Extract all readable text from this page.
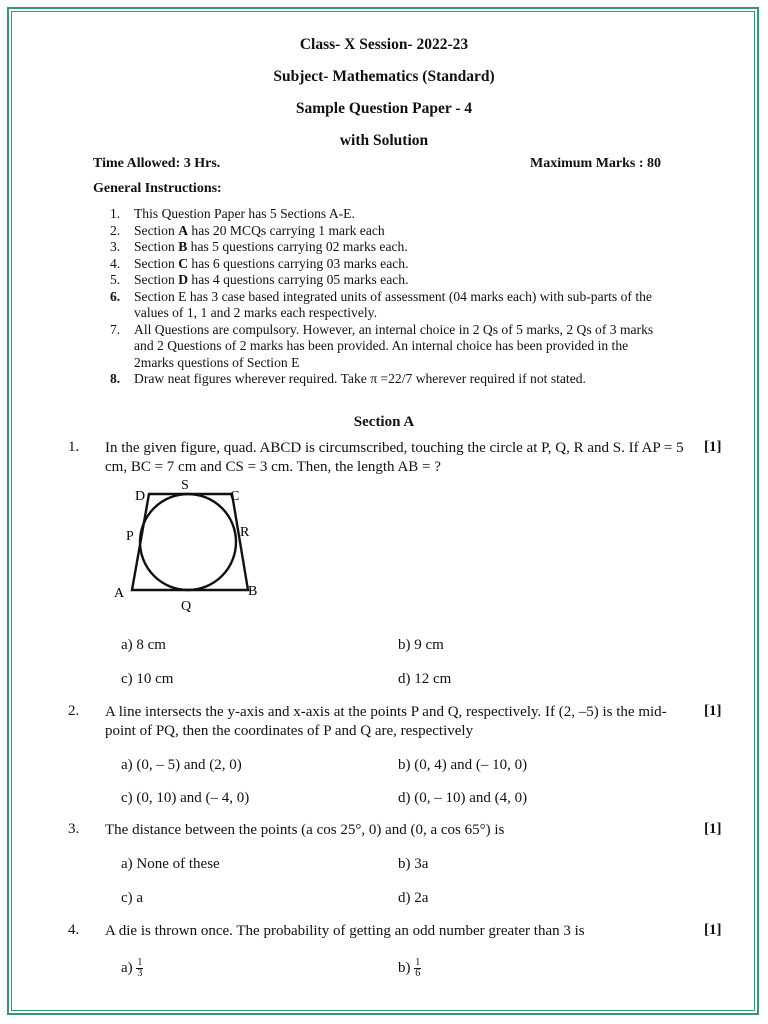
Class- X Session- 2022-23
Subject- Mathematics (Standard)
Sample Question Paper - 4
with Solution
Time Allowed: 3 Hrs.	Maximum Marks : 80
General Instructions:
1. This Question Paper has 5 Sections A-E.
2. Section A has 20 MCQs carrying 1 mark each
3. Section B has 5 questions carrying 02 marks each.
4. Section C has 6 questions carrying 03 marks each.
5. Section D has 4 questions carrying 05 marks each.
6. Section E has 3 case based integrated units of assessment (04 marks each) with sub-parts of the values of 1, 1 and 2 marks each respectively.
7. All Questions are compulsory. However, an internal choice in 2 Qs of 5 marks, 2 Qs of 3 marks and 2 Questions of 2 marks has been provided. An internal choice has been provided in the 2marks questions of Section E
8. Draw neat figures wherever required. Take π =22/7 wherever required if not stated.
Section A
1. In the given figure, quad. ABCD is circumscribed, touching the circle at P, Q, R and S. If AP = 5 cm, BC = 7 cm and CS = 3 cm. Then, the length AB = ?
[1]
D
S
C
P	R
A	B
Q
a) 8 cm	b) 9 cm
c) 10 cm	d) 12 cm
2. A line intersects the y-axis and x-axis at the points P and Q, respectively. If (2, –5) is the mid-point of PQ, then the coordinates of P and Q are, respectively
[1]
a) (0, – 5) and (2, 0)	b) (0, 4) and (– 10, 0)
c) (0, 10) and (– 4, 0)	d) (0, – 10) and (4, 0)
3. The distance between the points (a cos 25°, 0) and (0, a cos 65°) is	[1]
a) None of these	b) 3a
c) a	d) 2a
4. A die is thrown once. The probability of getting an odd number greater than 3 is	[1]
$a) \frac{1}{3}$	$b) \frac{1}{6}$
